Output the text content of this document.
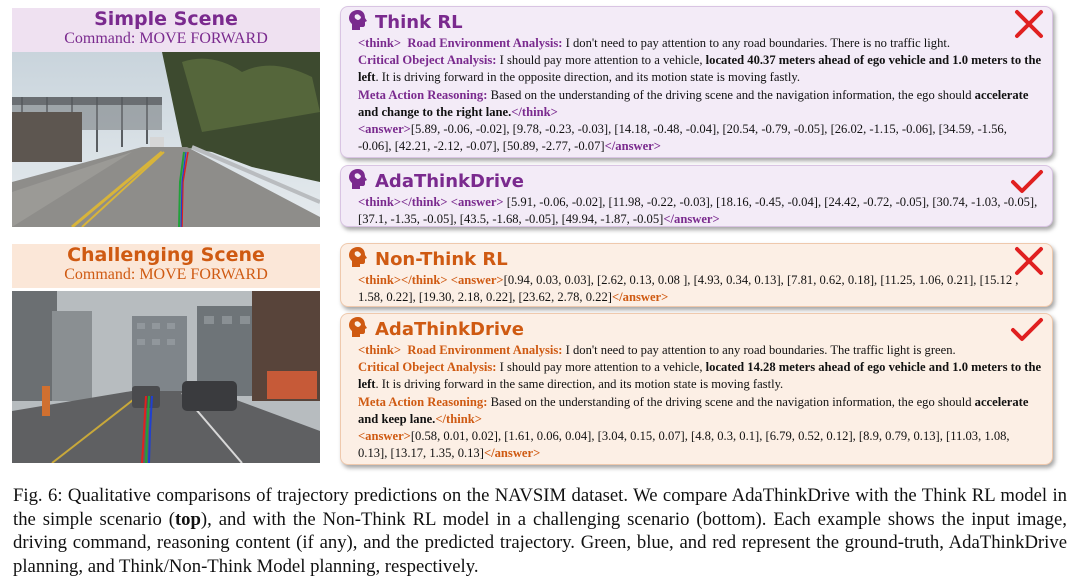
Simple Scene
Command: MOVE FORWARD
Think RL
<think> Road Environment Analysis: I don't need to pay attention to any road boundaries. There is no traffic light.
Critical Obeject Analysis: I should pay more attention to a vehicle, located 40.37 meters ahead of ego vehicle and 1.0 meters to the left. It is driving forward in the opposite direction, and its motion state is moving fastly.
Meta Action Reasoning: Based on the understanding of the driving scene and the navigation information, the ego should accelerate and change to the right lane.</think>
<answer>[5.89, -0.06, -0.02], [9.78, -0.23, -0.03], [14.18, -0.48, -0.04], [20.54, -0.79, -0.05], [26.02, -1.15, -0.06], [34.59, -1.56, -0.06], [42.21, -2.12, -0.07], [50.89, -2.77, -0.07]</answer>
AdaThinkDrive
<think></think> <answer> [5.91, -0.06, -0.02], [11.98, -0.22, -0.03], [18.16, -0.45, -0.04], [24.42, -0.72, -0.05], [30.74, -1.03, -0.05], [37.1, -1.35, -0.05], [43.5, -1.68, -0.05], [49.94, -1.87, -0.05]</answer>
Challenging Scene
Command: MOVE FORWARD
Non-Think RL
<think></think> <answer>[0.94, 0.03, 0.03], [2.62, 0.13, 0.08 ], [4.93, 0.34, 0.13], [7.81, 0.62, 0.18], [11.25, 1.06, 0.21], [15.12 , 1.58, 0.22], [19.30, 2.18, 0.22], [23.62, 2.78, 0.22]</answer>
AdaThinkDrive
<think> Road Environment Analysis: I don't need to pay attention to any road boundaries. The traffic light is green.
Critical Obeject Analysis: I should pay more attention to a vehicle, located 14.28 meters ahead of ego vehicle and 1.0 meters to the left. It is driving forward in the same direction, and its motion state is moving fastly.
Meta Action Reasoning: Based on the understanding of the driving scene and the navigation information, the ego should accelerate and keep lane.</think>
<answer>[0.58, 0.01, 0.02], [1.61, 0.06, 0.04], [3.04, 0.15, 0.07], [4.8, 0.3, 0.1], [6.79, 0.52, 0.12], [8.9, 0.79, 0.13], [11.03, 1.08, 0.13], [13.17, 1.35, 0.13]</answer>
Fig. 6: Qualitative comparisons of trajectory predictions on the NAVSIM dataset. We compare AdaThinkDrive with the Think RL model in the simple scenario (top), and with the Non-Think RL model in a challenging scenario (bottom). Each example shows the input image, driving command, reasoning content (if any), and the predicted trajectory. Green, blue, and red represent the ground-truth, AdaThinkDrive planning, and Think/Non-Think Model planning, respectively.
